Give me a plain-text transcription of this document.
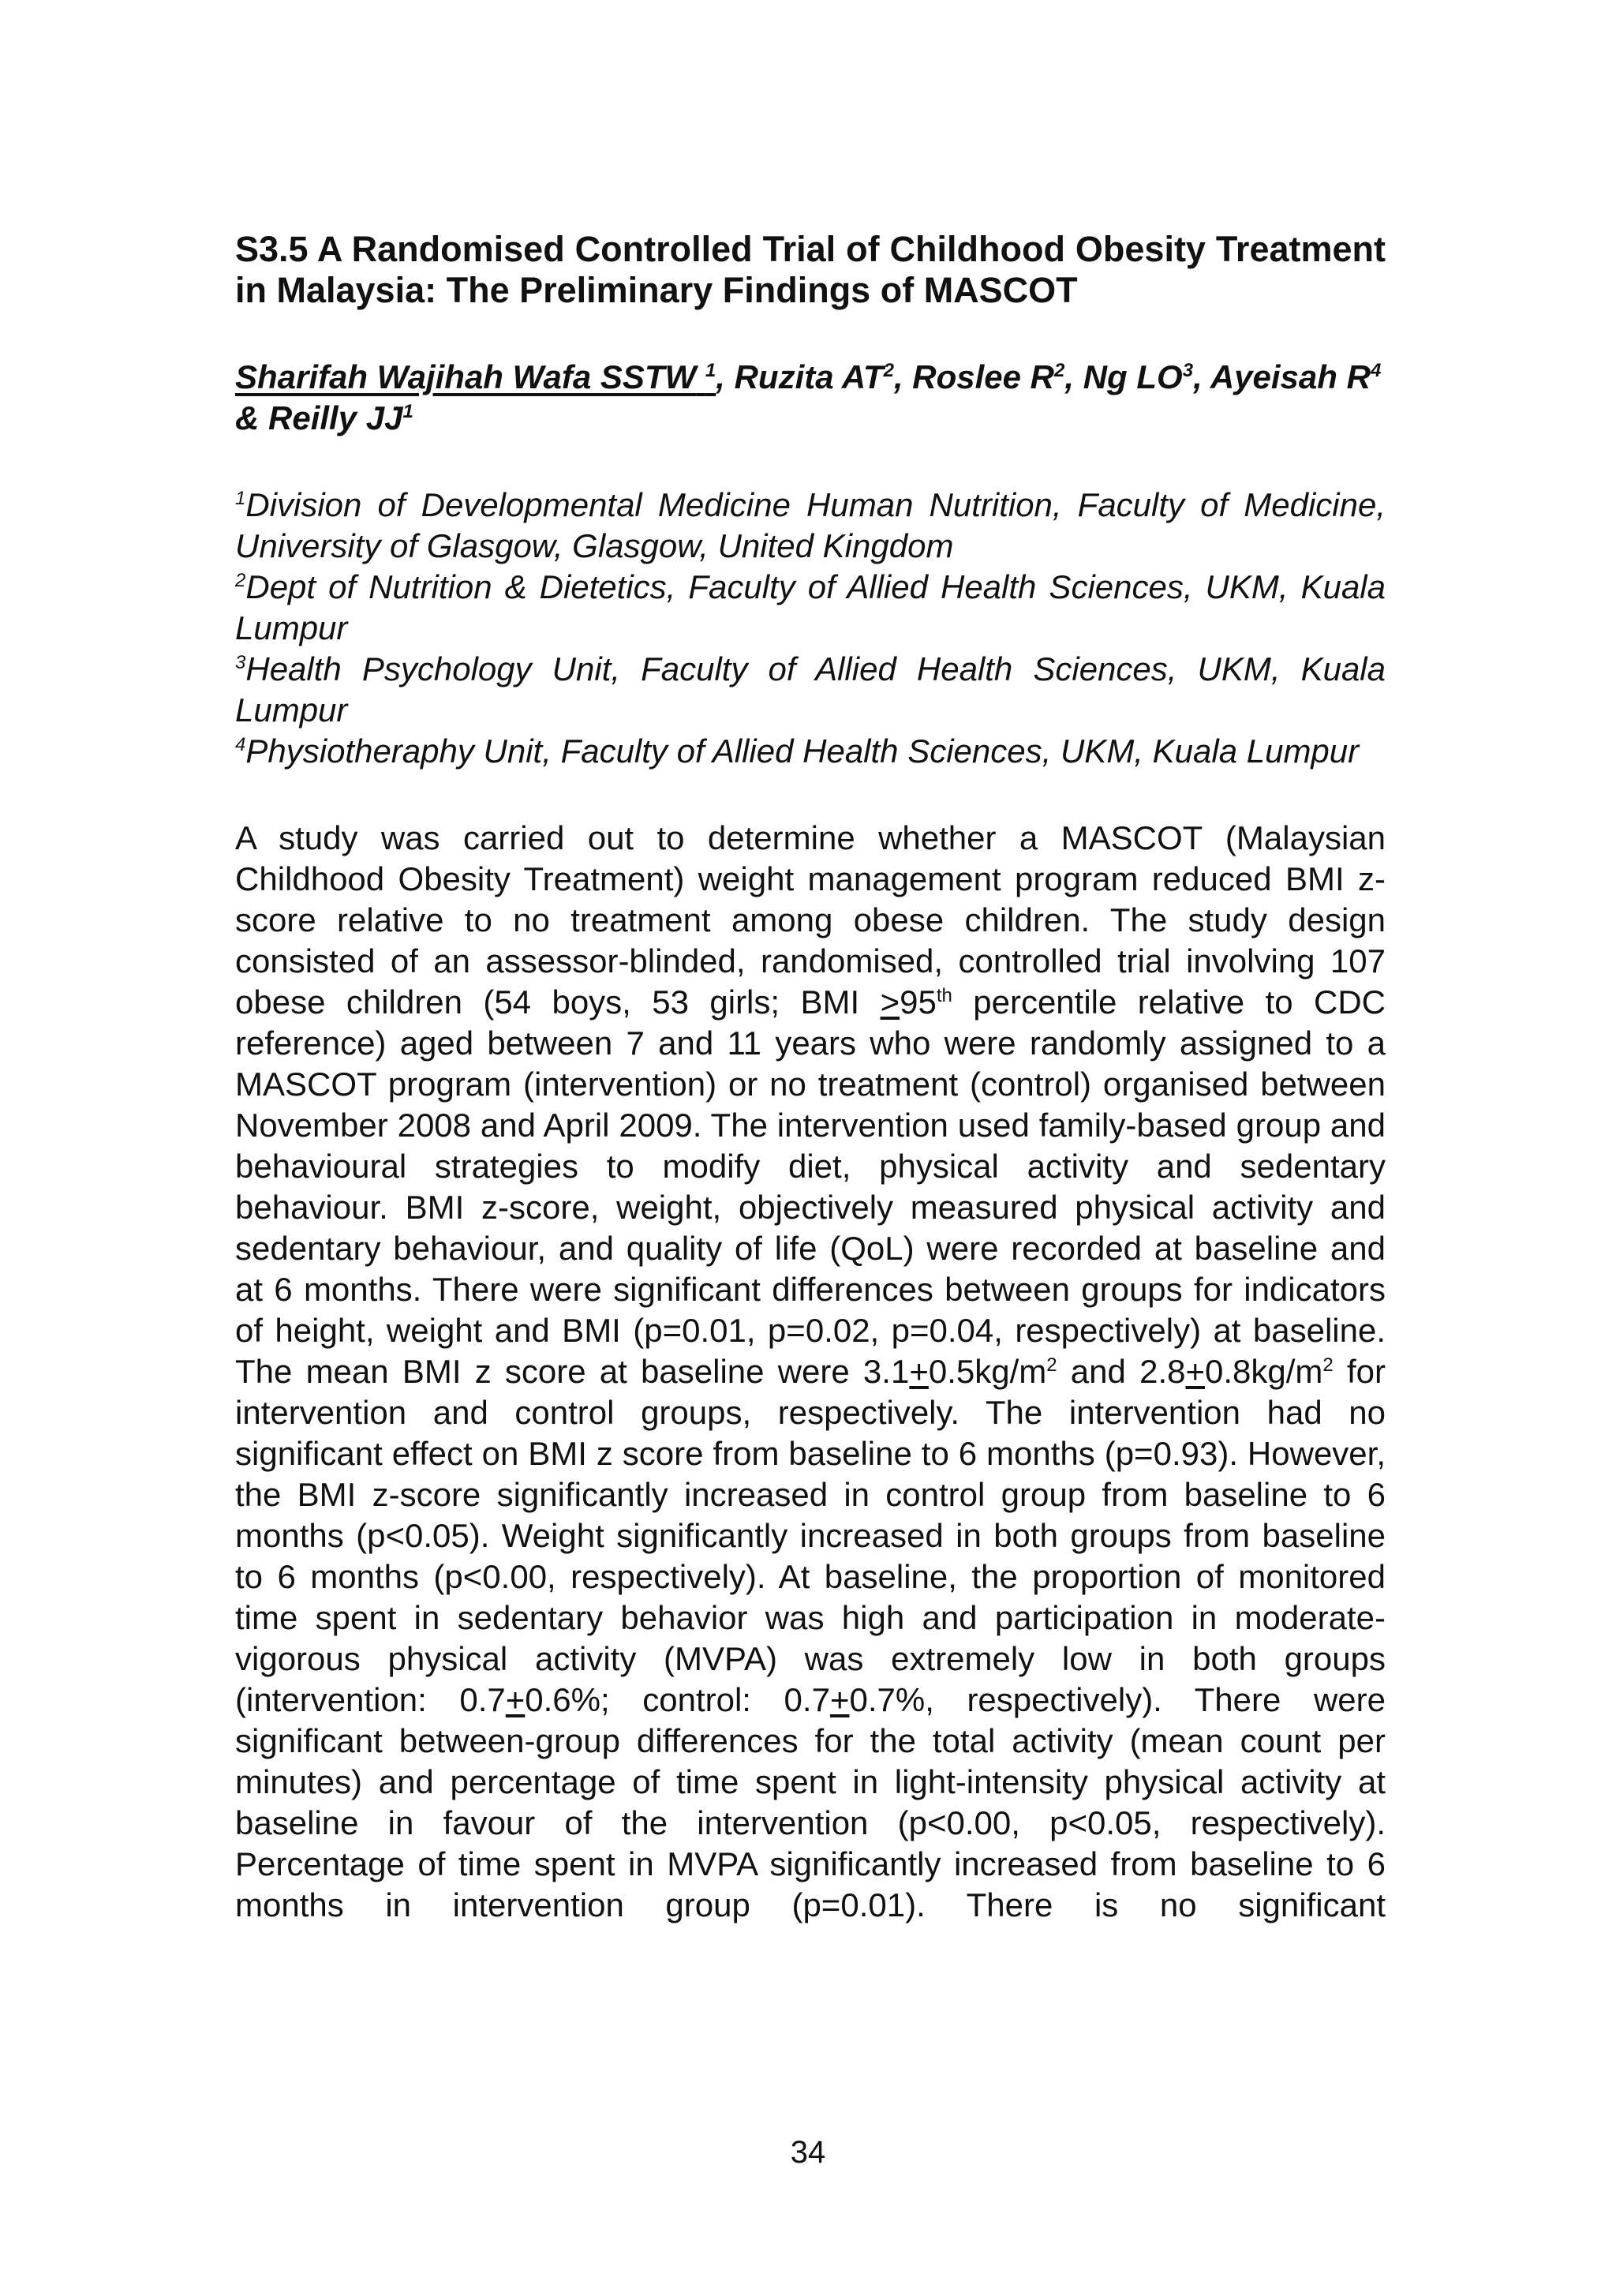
S3.5 A Randomised Controlled Trial of Childhood Obesity Treatment in Malaysia: The Preliminary Findings of MASCOT
Sharifah Wajihah Wafa SSTW $^1$, Ruzita $AT^2$, Roslee $R^2$, Ng $LO^3$, Ayeisah $R^4$ & Reilly $JJ^1$
$^1$Division of Developmental Medicine Human Nutrition, Faculty of Medicine, University of Glasgow, Glasgow, United Kingdom
$^2$Dept of Nutrition & Dietetics, Faculty of Allied Health Sciences, UKM, Kuala Lumpur
$^3$Health Psychology Unit, Faculty of Allied Health Sciences, UKM, Kuala Lumpur
$^4$Physiotheraphy Unit, Faculty of Allied Health Sciences, UKM, Kuala Lumpur
A study was carried out to determine whether a MASCOT (Malaysian Childhood Obesity Treatment) weight management program reduced BMI z-score relative to no treatment among obese children. The study design consisted of an assessor-blinded, randomised, controlled trial involving 107 obese children (54 boys, 53 girls; BMI ≥95th percentile relative to CDC reference) aged between 7 and 11 years who were randomly assigned to a MASCOT program (intervention) or no treatment (control) organised between November 2008 and April 2009. The intervention used family-based group and behavioural strategies to modify diet, physical activity and sedentary behaviour. BMI z-score, weight, objectively measured physical activity and sedentary behaviour, and quality of life (QoL) were recorded at baseline and at 6 months. There were significant differences between groups for indicators of height, weight and BMI (p=0.01, p=0.02, p=0.04, respectively) at baseline. The mean BMI z score at baseline were $3.1+0.5kg/m^2$ and $2.8+0.8kg/m^2$ for intervention and control groups, respectively. The intervention had no significant effect on BMI z score from baseline to 6 months (p=0.93). However, the BMI z-score significantly increased in control group from baseline to 6 months (p<0.05). Weight significantly increased in both groups from baseline to 6 months (p<0.00, respectively). At baseline, the proportion of monitored time spent in sedentary behavior was high and participation in moderate-vigorous physical activity (MVPA) was extremely low in both groups (intervention: 0.7+0.6%; control: 0.7+0.7%, respectively). There were significant between-group differences for the total activity (mean count per minutes) and percentage of time spent in light-intensity physical activity at baseline in favour of the intervention (p<0.00, p<0.05, respectively). Percentage of time spent in MVPA significantly increased from baseline to 6 months in intervention group (p=0.01). There is no significant
34
